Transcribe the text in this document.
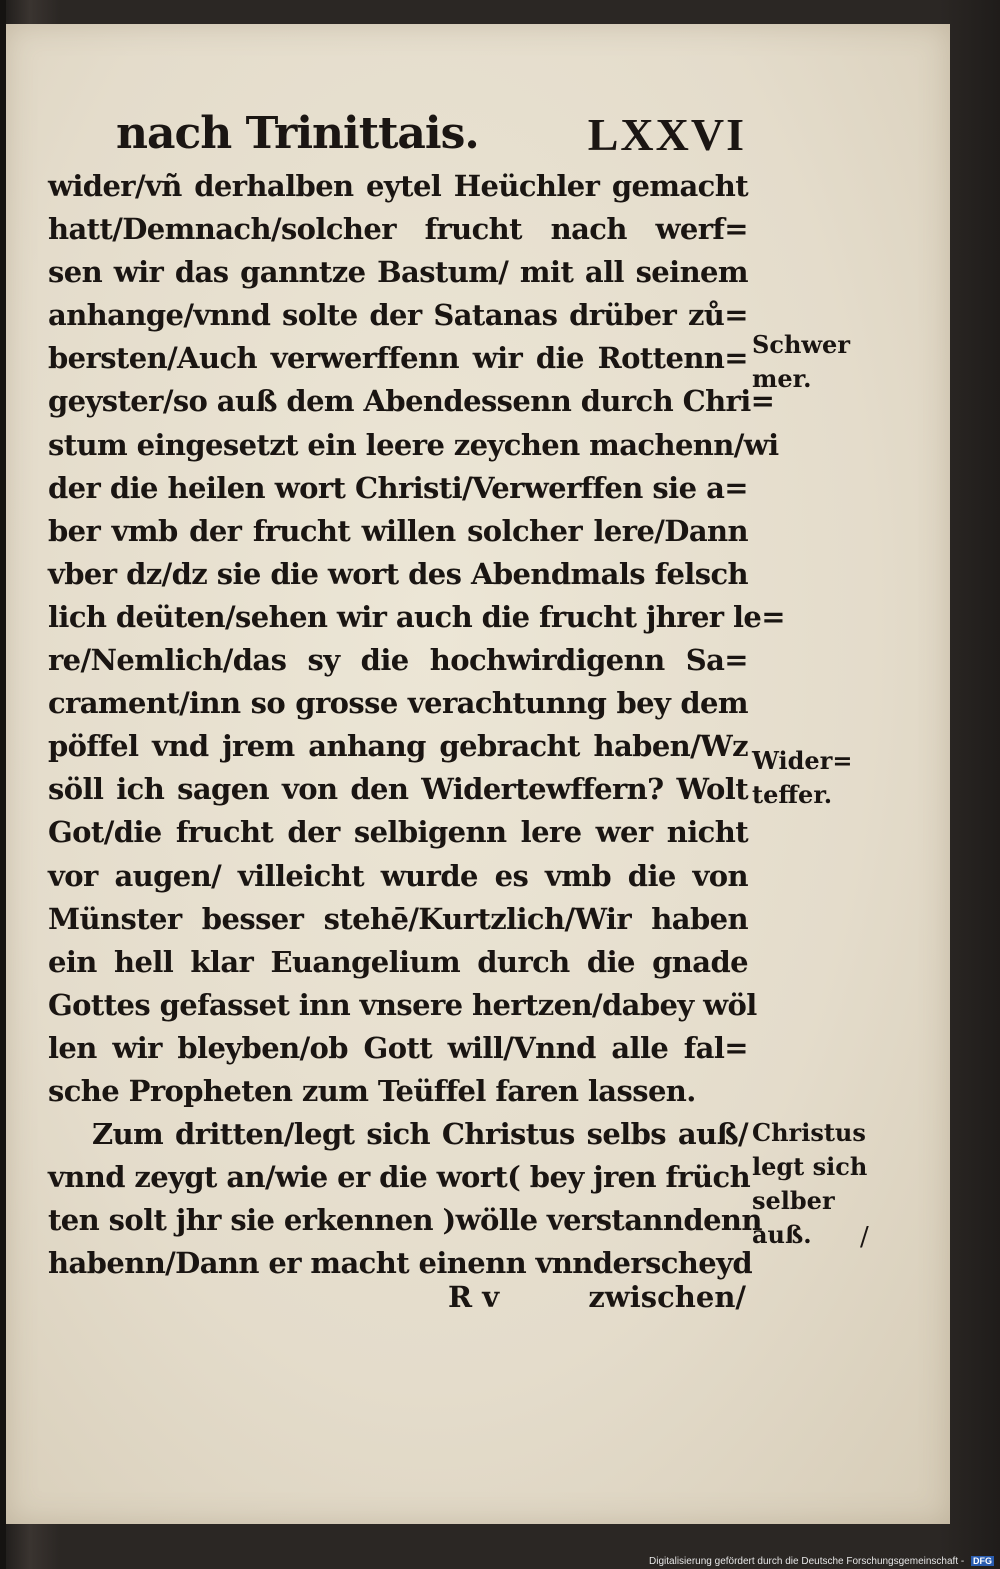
nach Trinittais. LXXVI
wider/vñ derhalben eytel Heüchler gemacht
hatt/Demnach/solcher frucht nach werf=
sen wir das ganntze Bastum/ mit all seinem
anhange/vnnd solte der Satanas drüber zů=
bersten/Auch verwerffenn wir die Rottenn=
geyster/so auß dem Abendessenn durch Chri=
stum eingesetzt ein leere zeychen machenn/wi
der die heilen wort Christi/Verwerffen sie a=
ber vmb der frucht willen solcher lere/Dann
vber dz/dz sie die wort des Abendmals felsch
lich deüten/sehen wir auch die frucht jhrer le=
re/Nemlich/das sy die hochwirdigenn Sa=
crament/inn so grosse verachtunng bey dem
pöffel vnd jrem anhang gebracht haben/Wz
söll ich sagen von den Widertewffern? Wolt
Got/die frucht der selbigenn lere wer nicht
vor augen/ villeicht wurde es vmb die von
Münster besser stehē/Kurtzlich/Wir haben
ein hell klar Euangelium durch die gnade
Gottes gefasset inn vnsere hertzen/dabey wöl
len wir bleyben/ob Gott will/Vnnd alle fal=
sche Propheten zum Teüffel faren lassen.
Zum dritten/legt sich Christus selbs auß/
vnnd zeygt an/wie er die wort( bey jren früch
ten solt jhr sie erkennen )wölle verstanndenn
habenn/Dann er macht einenn vnnderscheyd
Schwer
mer.
Wider=
teffer.
Christus
legt sich
selber
auß.	/
R v	zwischen/
Digitalisierung gefördert durch die Deutsche Forschungsgemeinschaft - DFG
